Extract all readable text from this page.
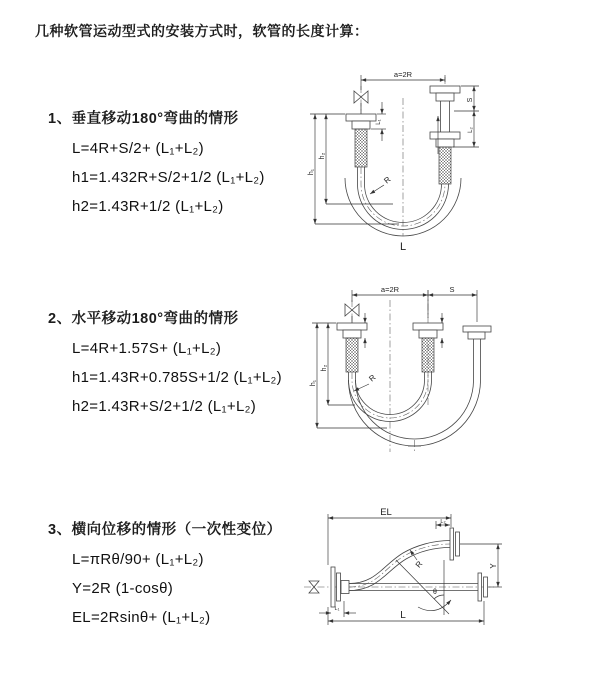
几种软管运动型式的安装方式时，软管的长度计算：
1、垂直移动180°弯曲的情形
L=4R+S/2+ (L₁+L₂)
h1=1.432R+S/2+1/2 (L₁+L₂)
h2=1.43R+1/2 (L₁+L₂)
2、水平移动180°弯曲的情形
L=4R+1.57S+ (L₁+L₂)
h1=1.43R+0.785S+1/2 (L₁+L₂)
h2=1.43R+S/2+1/2 (L₁+L₂)
3、横向位移的情形（一次性变位）
L=πRθ/90+ (L₁+L₂)
Y=2R (1-cosθ)
EL=2Rsinθ+ (L₁+L₂)
a=2R
L₁
S
L₂
h₁
h₂
R
L
a=2R	S
h₁
h₂
R
EL
L₂
Y
R
θ
L
L₁
